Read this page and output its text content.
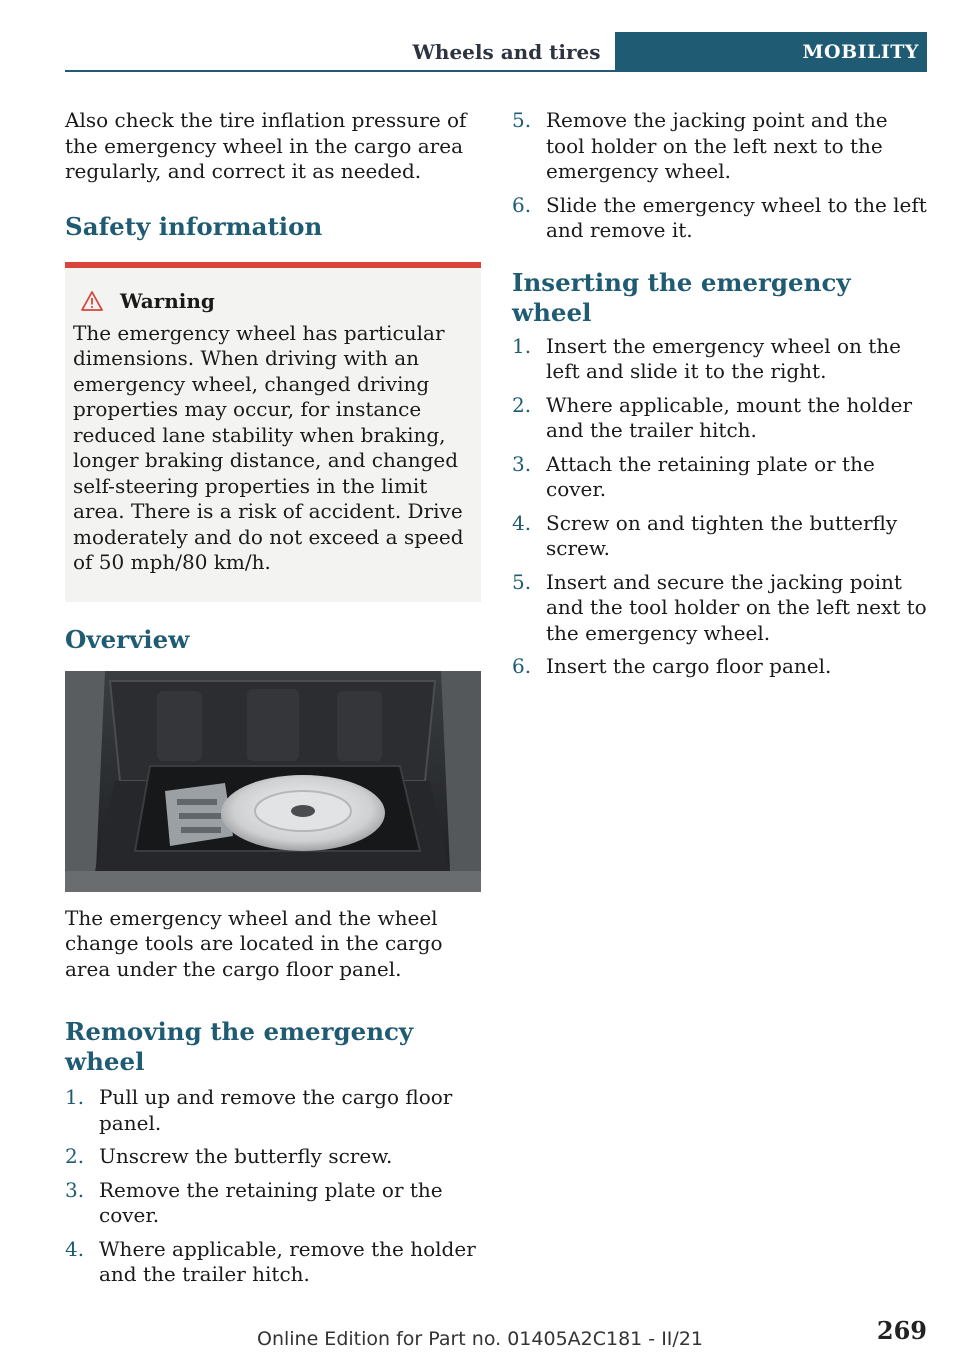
Wheels and tires	MOBILITY

Also check the tire inflation pressure of the emergency wheel in the cargo area regularly, and correct it as needed.

Safety information
Warning

The emergency wheel has particular dimensions. When driving with an emergency wheel, changed driving properties may occur, for instance reduced lane stability when braking, longer braking distance, and changed self-steering properties in the limit area. There is a risk of accident. Drive moderately and do not exceed a speed of 50 mph/80 km/h.

Overview

The emergency wheel and the wheel change tools are located in the cargo area under the cargo floor panel.

Removing the emergency wheel
1. Pull up and remove the cargo floor panel.
2. Unscrew the butterfly screw.
3. Remove the retaining plate or the cover.
4. Where applicable, remove the holder and the trailer hitch.
5. Remove the jacking point and the tool holder on the left next to the emergency wheel.
6. Slide the emergency wheel to the left and remove it.
Inserting the emergency wheel
1. Insert the emergency wheel on the left and slide it to the right.
2. Where applicable, mount the holder and the trailer hitch.
3. Attach the retaining plate or the cover.
4. Screw on and tighten the butterfly screw.
5. Insert and secure the jacking point and the tool holder on the left next to the emergency wheel.
6. Insert the cargo floor panel.
269
Online Edition for Part no. 01405A2C181 - II/21
